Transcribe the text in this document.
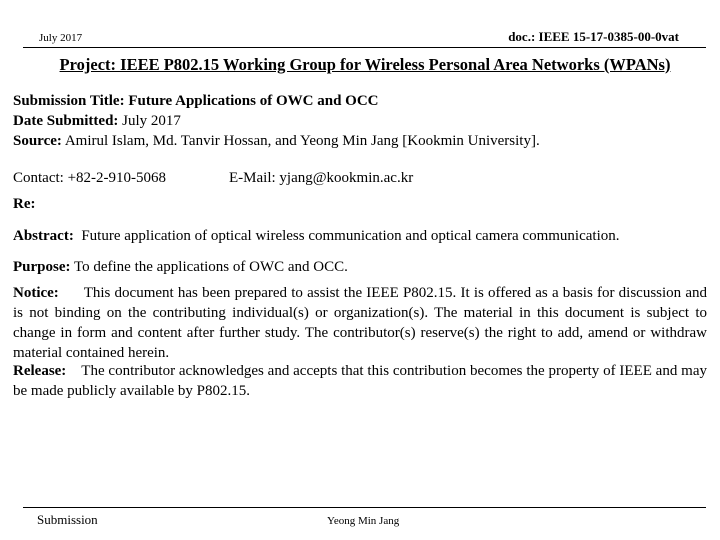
July 2017	doc.: IEEE 15-17-0385-00-0vat
Project: IEEE P802.15 Working Group for Wireless Personal Area Networks (WPANs)
Submission Title: Future Applications of OWC and OCC
Date Submitted: July 2017
Source: Amirul Islam, Md. Tanvir Hossan, and Yeong Min Jang [Kookmin University].
Contact: +82-2-910-5068	E-Mail: yjang@kookmin.ac.kr
Re:
Abstract: Future application of optical wireless communication and optical camera communication.
Purpose: To define the applications of OWC and OCC.
Notice: This document has been prepared to assist the IEEE P802.15. It is offered as a basis for discussion and is not binding on the contributing individual(s) or organization(s). The material in this document is subject to change in form and content after further study. The contributor(s) reserve(s) the right to add, amend or withdraw material contained herein.
Release: The contributor acknowledges and accepts that this contribution becomes the property of IEEE and may be made publicly available by P802.15.
Submission	Yeong Min Jang
